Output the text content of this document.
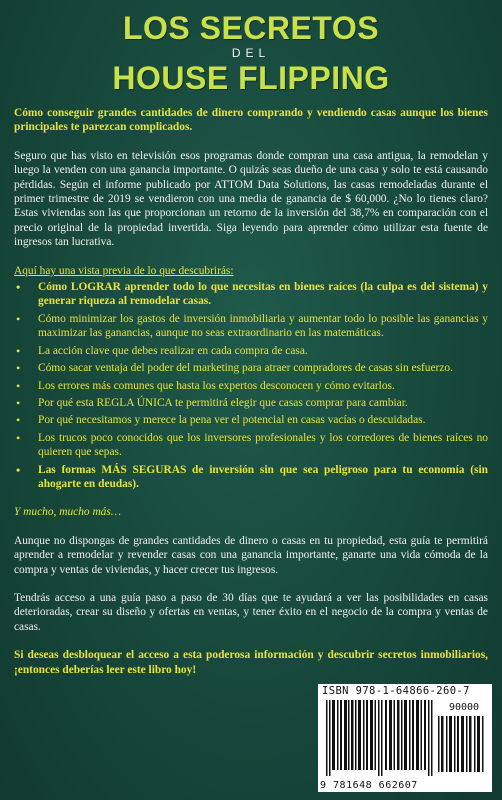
LOS SECRETOS
DEL
HOUSE FLIPPING

Cómo conseguir grandes cantidades de dinero comprando y vendiendo casas aunque los bienes principales te parezcan complicados.

Seguro que has visto en televisión esos programas donde compran una casa antigua, la remodelan y luego la venden con una ganancia importante. O quizás seas dueño de una casa y solo te está causando pérdidas. Según el informe publicado por ATTOM Data Solutions, las casas remodeladas durante el primer trimestre de 2019 se vendieron con una media de ganancia de $ 60,000. ¿No lo tienes claro? Estas viviendas son las que proporcionan un retorno de la inversión del 38,7% en comparación con el precio original de la propiedad invertida. Siga leyendo para aprender cómo utilizar esta fuente de ingresos tan lucrativa.

Aquí hay una vista previa de lo que descubrirás:
• Cómo LOGRAR aprender todo lo que necesitas en bienes raíces (la culpa es del sistema) y generar riqueza al remodelar casas.
• Cómo minimizar los gastos de inversión inmobiliaria y aumentar todo lo posible las ganancias y maximizar las ganancias, aunque no seas extraordinario en las matemáticas.
• La acción clave que debes realizar en cada compra de casa.
• Cómo sacar ventaja del poder del marketing para atraer compradores de casas sin esfuerzo.
• Los errores más comunes que hasta los expertos desconocen y cómo evitarlos.
• Por qué esta REGLA ÚNICA te permitirá elegir que casas comprar para cambiar.
• Por qué necesitamos y merece la pena ver el potencial en casas vacías o descuidadas.
• Los trucos poco conocidos que los inversores profesionales y los corredores de bienes raíces no quieren que sepas.
• Las formas MÁS SEGURAS de inversión sin que sea peligroso para tu economía (sin ahogarte en deudas).

Y mucho, mucho más…

Aunque no dispongas de grandes cantidades de dinero o casas en tu propiedad, esta guía te permitirá aprender a remodelar y revender casas con una ganancia importante, ganarte una vida cómoda de la compra y ventas de viviendas, y hacer crecer tus ingresos.

Tendrás acceso a una guía paso a paso de 30 días que te ayudará a ver las posibilidades en casas deterioradas, crear su diseño y ofertas en ventas, y tener éxito en el negocio de la compra y ventas de casas.

Si deseas desbloquear el acceso a esta poderosa información y descubrir secretos inmobiliarios, ¡entonces deberías leer este libro hoy!

ISBN 978-1-64866-260-7
90000
9 781648 662607
